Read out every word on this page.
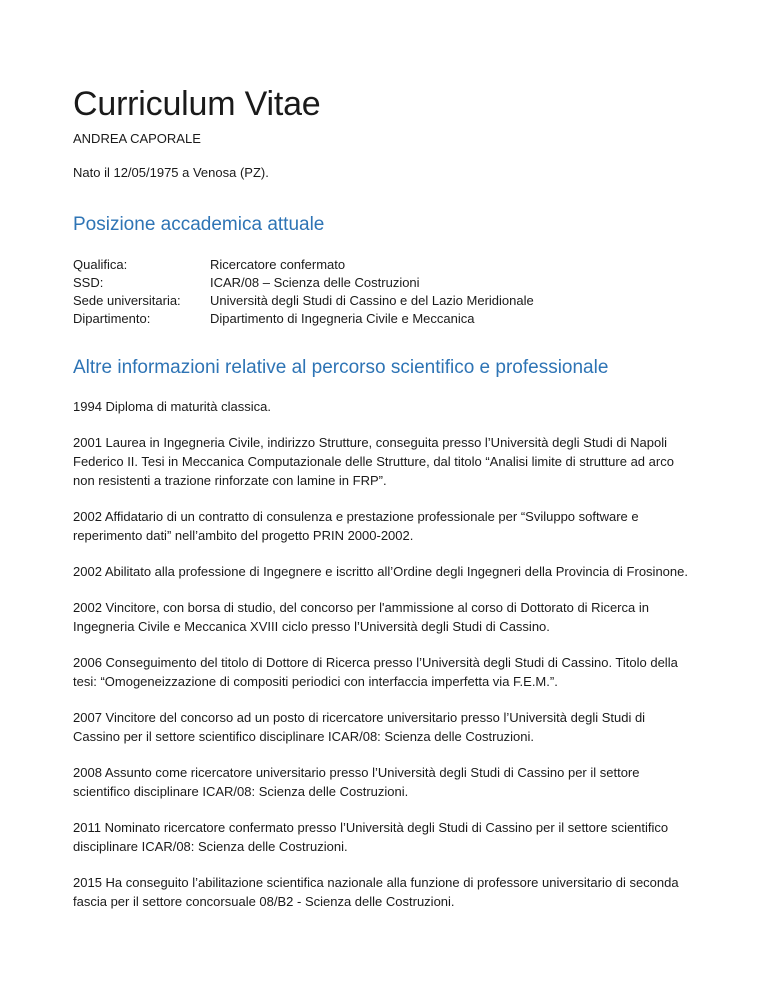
Curriculum Vitae
ANDREA CAPORALE
Nato il 12/05/1975 a Venosa (PZ).
Posizione accademica attuale
Qualifica:	Ricercatore confermato
SSD:	ICAR/08 – Scienza delle Costruzioni
Sede universitaria:	Università degli Studi di Cassino e del Lazio Meridionale
Dipartimento:	Dipartimento di Ingegneria Civile e Meccanica
Altre informazioni relative al percorso scientifico e professionale

1994 Diploma di maturità classica.

2001 Laurea in Ingegneria Civile, indirizzo Strutture, conseguita presso l’Università degli Studi di Napoli Federico II. Tesi in Meccanica Computazionale delle Strutture, dal titolo “Analisi limite di strutture ad arco non resistenti a trazione rinforzate con lamine in FRP”.

2002 Affidatario di un contratto di consulenza e prestazione professionale per “Sviluppo software e reperimento dati” nell’ambito del progetto PRIN 2000-2002.

2002 Abilitato alla professione di Ingegnere e iscritto all’Ordine degli Ingegneri della Provincia di Frosinone.

2002 Vincitore, con borsa di studio, del concorso per l'ammissione al corso di Dottorato di Ricerca in Ingegneria Civile e Meccanica XVIII ciclo presso l’Università degli Studi di Cassino.

2006 Conseguimento del titolo di Dottore di Ricerca presso l’Università degli Studi di Cassino. Titolo della tesi: “Omogeneizzazione di compositi periodici con interfaccia imperfetta via F.E.M.”.

2007 Vincitore del concorso ad un posto di ricercatore universitario presso l’Università degli Studi di Cassino per il settore scientifico disciplinare ICAR/08: Scienza delle Costruzioni.

2008 Assunto come ricercatore universitario presso l’Università degli Studi di Cassino per il settore scientifico disciplinare ICAR/08: Scienza delle Costruzioni.

2011 Nominato ricercatore confermato presso l’Università degli Studi di Cassino per il settore scientifico disciplinare ICAR/08: Scienza delle Costruzioni.

2015 Ha conseguito l’abilitazione scientifica nazionale alla funzione di professore universitario di seconda fascia per il settore concorsuale 08/B2 - Scienza delle Costruzioni.
